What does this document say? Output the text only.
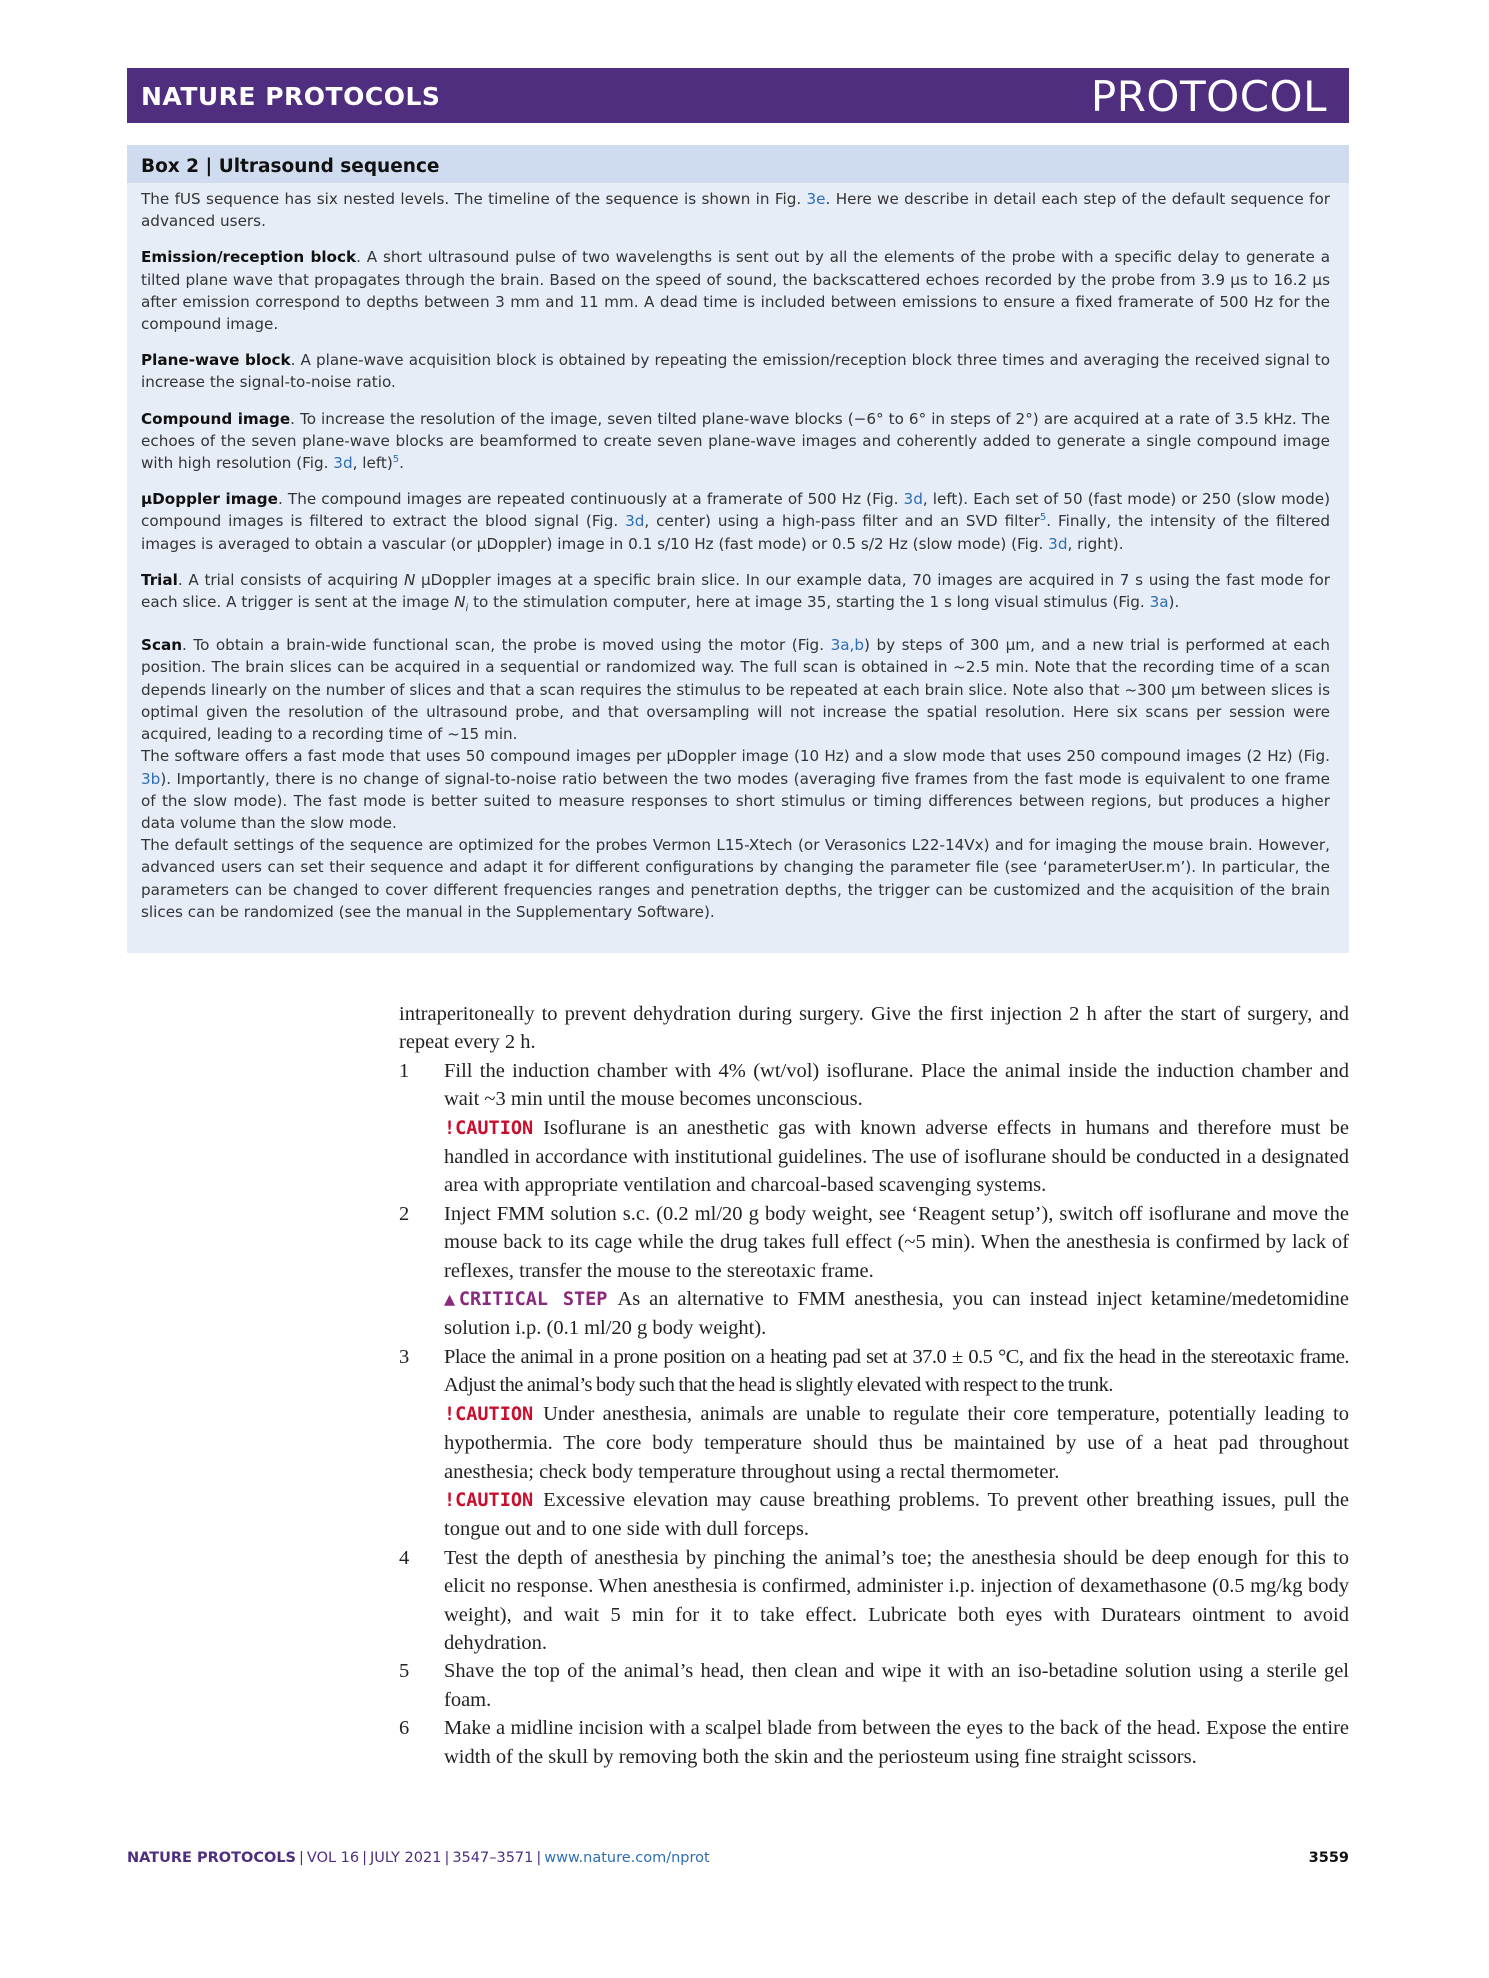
NATURE PROTOCOLS	PROTOCOL
Box 2 | Ultrasound sequence

The fUS sequence has six nested levels. The timeline of the sequence is shown in Fig. 3e. Here we describe in detail each step of the default sequence for advanced users.

Emission/reception block. A short ultrasound pulse of two wavelengths is sent out by all the elements of the probe with a specific delay to generate a tilted plane wave that propagates through the brain. Based on the speed of sound, the backscattered echoes recorded by the probe from 3.9 µs to 16.2 µs after emission correspond to depths between 3 mm and 11 mm. A dead time is included between emissions to ensure a fixed framerate of 500 Hz for the compound image.

Plane-wave block. A plane-wave acquisition block is obtained by repeating the emission/reception block three times and averaging the received signal to increase the signal-to-noise ratio.

Compound image. To increase the resolution of the image, seven tilted plane-wave blocks (−6° to 6° in steps of 2°) are acquired at a rate of 3.5 kHz. The echoes of the seven plane-wave blocks are beamformed to create seven plane-wave images and coherently added to generate a single compound image with high resolution (Fig. 3d, left)$^5$.

µDoppler image. The compound images are repeated continuously at a framerate of 500 Hz (Fig. 3d, left). Each set of 50 (fast mode) or 250 (slow mode) compound images is filtered to extract the blood signal (Fig. 3d, center) using a high-pass filter and an SVD filter$^5$. Finally, the intensity of the filtered images is averaged to obtain a vascular (or µDoppler) image in 0.1 s/10 Hz (fast mode) or 0.5 s/2 Hz (slow mode) (Fig. 3d, right).

Trial. A trial consists of acquiring N µDoppler images at a specific brain slice. In our example data, 70 images are acquired in 7 s using the fast mode for each slice. A trigger is sent at the image $N_i$ to the stimulation computer, here at image 35, starting the 1 s long visual stimulus (Fig. 3a).

Scan. To obtain a brain-wide functional scan, the probe is moved using the motor (Fig. 3a,b) by steps of 300 µm, and a new trial is performed at each position. The brain slices can be acquired in a sequential or randomized way. The full scan is obtained in ~2.5 min. Note that the recording time of a scan depends linearly on the number of slices and that a scan requires the stimulus to be repeated at each brain slice. Note also that ~300 µm between slices is optimal given the resolution of the ultrasound probe, and that oversampling will not increase the spatial resolution. Here six scans per session were acquired, leading to a recording time of ~15 min.

The software offers a fast mode that uses 50 compound images per µDoppler image (10 Hz) and a slow mode that uses 250 compound images (2 Hz) (Fig. 3b). Importantly, there is no change of signal-to-noise ratio between the two modes (averaging five frames from the fast mode is equivalent to one frame of the slow mode). The fast mode is better suited to measure responses to short stimulus or timing differences between regions, but produces a higher data volume than the slow mode.

The default settings of the sequence are optimized for the probes Vermon L15-Xtech (or Verasonics L22-14Vx) and for imaging the mouse brain. However, advanced users can set their sequence and adapt it for different configurations by changing the parameter file (see ‘parameterUser.m’). In particular, the parameters can be changed to cover different frequencies ranges and penetration depths, the trigger can be customized and the acquisition of the brain slices can be randomized (see the manual in the Supplementary Software).

intraperitoneally to prevent dehydration during surgery. Give the first injection 2 h after the start of surgery, and repeat every 2 h.

1 Fill the induction chamber with 4% (wt/vol) isoflurane. Place the animal inside the induction chamber and wait ~3 min until the mouse becomes unconscious.

!CAUTION Isoflurane is an anesthetic gas with known adverse effects in humans and therefore must be handled in accordance with institutional guidelines. The use of isoflurane should be conducted in a designated area with appropriate ventilation and charcoal-based scavenging systems.

2 Inject FMM solution s.c. (0.2 ml/20 g body weight, see ‘Reagent setup’), switch off isoflurane and move the mouse back to its cage while the drug takes full effect (~5 min). When the anesthesia is confirmed by lack of reflexes, transfer the mouse to the stereotaxic frame.

▲CRITICAL STEP As an alternative to FMM anesthesia, you can instead inject ketamine/medetomidine solution i.p. (0.1 ml/20 g body weight).

3 Place the animal in a prone position on a heating pad set at 37.0 ± 0.5 °C, and fix the head in the stereotaxic frame. Adjust the animal’s body such that the head is slightly elevated with respect to the trunk.

!CAUTION Under anesthesia, animals are unable to regulate their core temperature, potentially leading to hypothermia. The core body temperature should thus be maintained by use of a heat pad throughout anesthesia; check body temperature throughout using a rectal thermometer.

!CAUTION Excessive elevation may cause breathing problems. To prevent other breathing issues, pull the tongue out and to one side with dull forceps.

4 Test the depth of anesthesia by pinching the animal’s toe; the anesthesia should be deep enough for this to elicit no response. When anesthesia is confirmed, administer i.p. injection of dexamethasone (0.5 mg/kg body weight), and wait 5 min for it to take effect. Lubricate both eyes with Duratears ointment to avoid dehydration.

5 Shave the top of the animal’s head, then clean and wipe it with an iso-betadine solution using a sterile gel foam.

6 Make a midline incision with a scalpel blade from between the eyes to the back of the head. Expose the entire width of the skull by removing both the skin and the periosteum using fine straight scissors.

NATURE PROTOCOLS | VOL 16 | JULY 2021 | 3547–3571 | www.nature.com/nprot	3559
